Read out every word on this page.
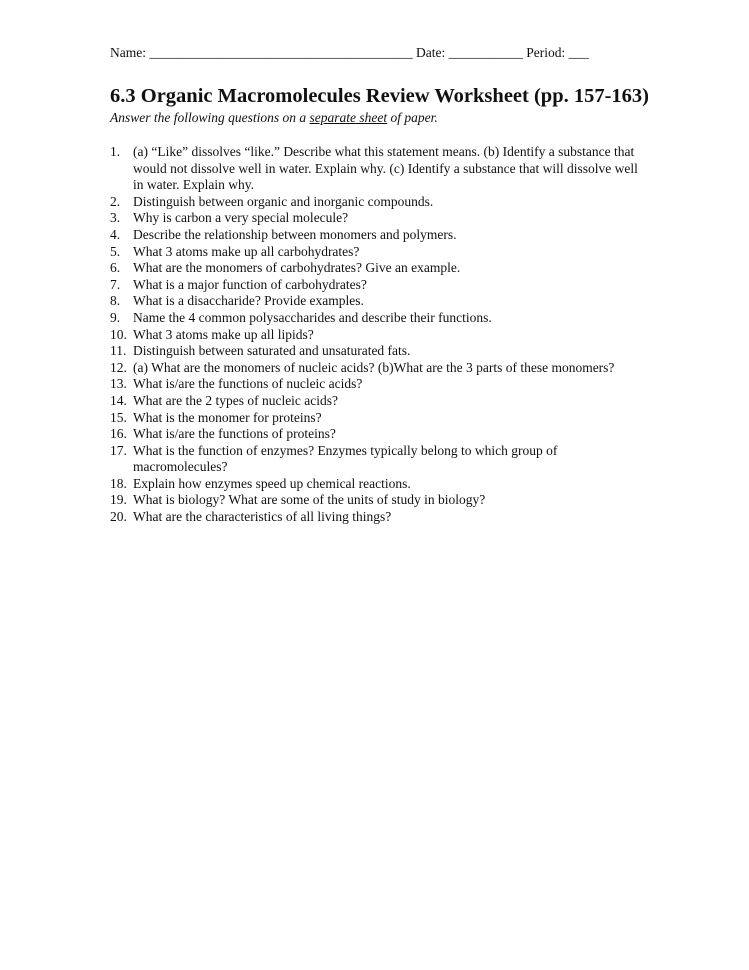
Name: _______________________________________ Date: ___________ Period: ___
6.3 Organic Macromolecules Review Worksheet (pp. 157-163)
Answer the following questions on a separate sheet of paper.
1. (a) “Like” dissolves “like.” Describe what this statement means. (b) Identify a substance that would not dissolve well in water. Explain why. (c) Identify a substance that will dissolve well in water. Explain why.
2. Distinguish between organic and inorganic compounds.
3. Why is carbon a very special molecule?
4. Describe the relationship between monomers and polymers.
5. What 3 atoms make up all carbohydrates?
6. What are the monomers of carbohydrates? Give an example.
7. What is a major function of carbohydrates?
8. What is a disaccharide? Provide examples.
9. Name the 4 common polysaccharides and describe their functions.
10. What 3 atoms make up all lipids?
11. Distinguish between saturated and unsaturated fats.
12. (a) What are the monomers of nucleic acids? (b)What are the 3 parts of these monomers?
13. What is/are the functions of nucleic acids?
14. What are the 2 types of nucleic acids?
15. What is the monomer for proteins?
16. What is/are the functions of proteins?
17. What is the function of enzymes? Enzymes typically belong to which group of macromolecules?
18. Explain how enzymes speed up chemical reactions.
19. What is biology? What are some of the units of study in biology?
20. What are the characteristics of all living things?
